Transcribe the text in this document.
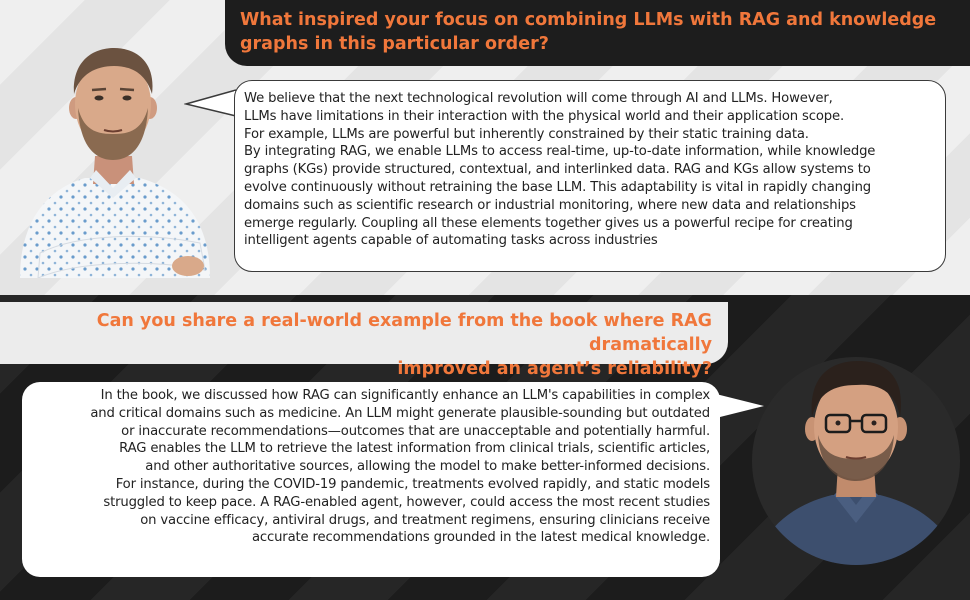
What inspired your focus on combining LLMs with RAG and knowledge graphs in this particular order?
We believe that the next technological revolution will come through AI and LLMs. However,
LLMs have limitations in their interaction with the physical world and their application scope.
For example, LLMs are powerful but inherently constrained by their static training data.
By integrating RAG, we enable LLMs to access real-time, up-to-date information, while knowledge
graphs (KGs) provide structured, contextual, and interlinked data. RAG and KGs allow systems to
evolve continuously without retraining the base LLM. This adaptability is vital in rapidly changing
domains such as scientific research or industrial monitoring, where new data and relationships
emerge regularly. Coupling all these elements together gives us a powerful recipe for creating
intelligent agents capable of automating tasks across industries
Can you share a real-world example from the book where RAG dramatically
improved an agent’s reliability?
In the book, we discussed how RAG can significantly enhance an LLM's capabilities in complex
and critical domains such as medicine. An LLM might generate plausible-sounding but outdated
or inaccurate recommendations—outcomes that are unacceptable and potentially harmful.
RAG enables the LLM to retrieve the latest information from clinical trials, scientific articles,
and other authoritative sources, allowing the model to make better-informed decisions.
For instance, during the COVID-19 pandemic, treatments evolved rapidly, and static models
struggled to keep pace. A RAG-enabled agent, however, could access the most recent studies
on vaccine efficacy, antiviral drugs, and treatment regimens, ensuring clinicians receive
accurate recommendations grounded in the latest medical knowledge.
